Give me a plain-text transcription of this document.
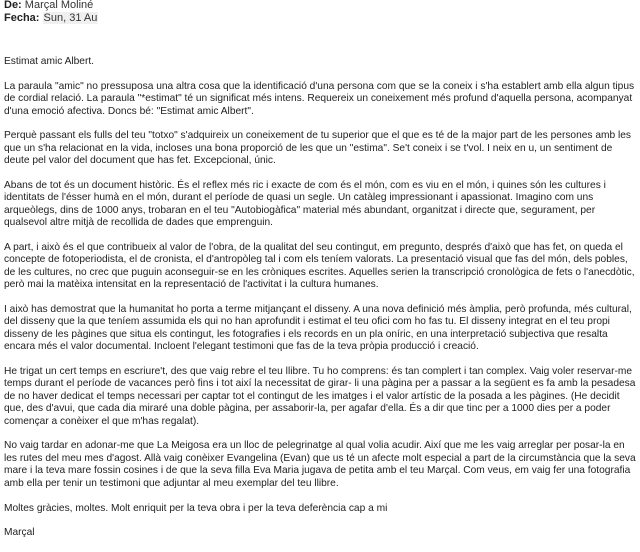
De: Marçal Moliné
Fecha: Sun, 31 Au

Estimat amic Albert.

La paraula "amic" no pressuposa una altra cosa que la identificació d'una persona com que se la coneix i s'ha establert amb ella algun tipus de cordial relació. La paraula "*estimat" té un significat més intens. Requereix un coneixement més profund d'aquella persona, acompanyat d'una emoció afectiva. Doncs bé: "Estimat amic Albert".

Perquè passant els fulls del teu "totxo" s'adquireix un coneixement de tu superior que el que es té de la major part de les persones amb les que un s'ha relacionat en la vida, incloses una bona proporció de les que un "estima". Se't coneix i se t'vol. I neix en u, un sentiment de deute pel valor del document que has fet. Excepcional, únic.

Abans de tot és un document històric. És el reflex més ric i exacte de com és el món, com es viu en el món, i quines són les cultures i identitats de l'ésser humà en el món, durant el període de quasi un segle. Un catàleg impressionant i apassionat. Imagino com uns arqueòlegs, dins de 1000 anys, trobaran en el teu "Autobiogàfica" material més abundant, organitzat i directe que, segurament, per qualsevol altre mitjà de recollida de dades que emprenguin.

A part, i això és el que contribueix al valor de l'obra, de la qualitat del seu contingut, em pregunto, després d'això que has fet, on queda el concepte de fotoperiodista, el de cronista, el d'antropòleg tal i com els teníem valorats. La presentació visual que fas del món, dels pobles, de les cultures, no crec que puguin aconseguir-se en les cròniques escrites. Aquelles serien la transcripció cronològica de fets o l'anecdòtic, però mai la matèixa intensitat en la representació de l'activitat i la cultura humanes.

I això has demostrat que la humanitat ho porta a terme mitjançant el disseny. A una nova definició més àmplia, però profunda, més cultural, del disseny que la que teníem assumida els qui no han aprofundit i estimat el teu ofici com ho fas tu. El disseny integrat en el teu propi disseny de les pàgines que situa els contingut, les fotografies i els records en un pla oníric, en una interpretació subjectiva que resalta encara més el valor documental. Incloent l'elegant testimoni que fas de la teva pròpia producció i creació.

He trigat un cert temps en escriure't, des que vaig rebre el teu llibre. Tu ho comprens: és tan complert i tan complex. Vaig voler reservar-me temps durant el període de vacances però fins i tot així la necessitat de girar- li una pàgina per a passar a la següent es fa amb la pesadesa de no haver dedicat el temps necessari per captar tot el contingut de les imatges i el valor artístic de la posada a les pàgines. (He decidit que, des d'avui, que cada dia miraré una doble pàgina, per assaborir-la, per agafar d'ella. És a dir que tinc per a 1000 dies per a poder començar a conèixer el que m'has regalat).

No vaig tardar en adonar-me que La Meigosa era un lloc de pelegrinatge al qual volia acudir. Així que me les vaig arreglar per posar-la en les rutes del meu mes d'agost. Allà vaig conèixer Evangelina (Evan) que us té un afecte molt especial a part de la circumstància que la seva mare i la teva mare fossin cosines i de que la seva filla Eva Maria jugava de petita amb el teu Marçal. Com veus, em vaig fer una fotografia amb ella per tenir un testimoni que adjuntar al meu exemplar del teu llibre.

Moltes gràcies, moltes. Molt enriquit per la teva obra i per la teva deferència cap a mi

Marçal
